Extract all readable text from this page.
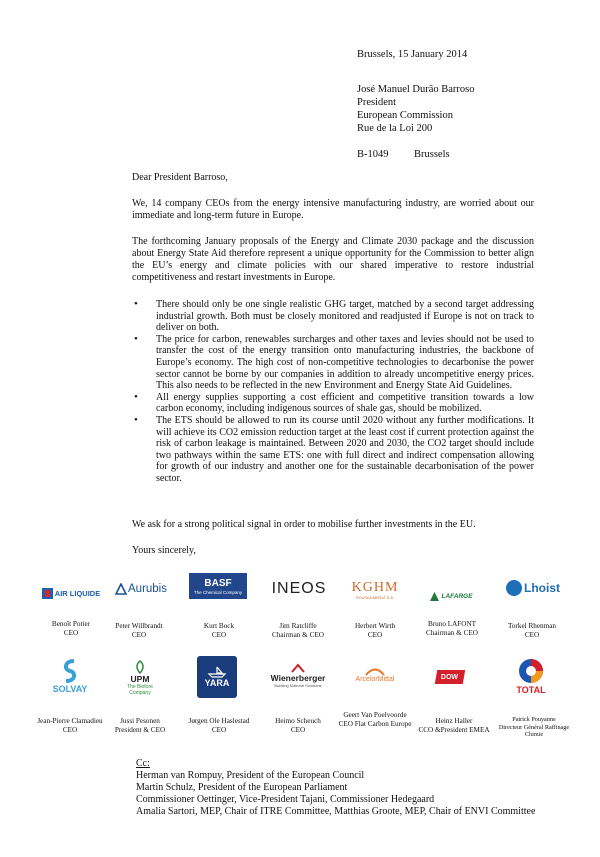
Brussels, 15 January 2014
José Manuel Durão Barroso
President
European Commission
Rue de la Loi 200
B-1049 Brussels
Dear President Barroso,
We, 14 company CEOs from the energy intensive manufacturing industry, are worried about our immediate and long-term future in Europe.
The forthcoming January proposals of the Energy and Climate 2030 package and the discussion about Energy State Aid therefore represent a unique opportunity for the Commission to better align the EU’s energy and climate policies with our shared imperative to restore industrial competitiveness and restart investments in Europe.
• There should only be one single realistic GHG target, matched by a second target addressing industrial growth. Both must be closely monitored and readjusted if Europe is not on track to deliver on both.
• The price for carbon, renewables surcharges and other taxes and levies should not be used to transfer the cost of the energy transition onto manufacturing industries, the backbone of Europe’s economy. The high cost of non-competitive technologies to decarbonise the power sector cannot be borne by our companies in addition to already uncompetitive energy prices. This also needs to be reflected in the new Environment and Energy State Aid Guidelines.
• All energy supplies supporting a cost efficient and competitive transition towards a low carbon economy, including indigenous sources of shale gas, should be mobilized.
• The ETS should be allowed to run its course until 2020 without any further modifications. It will achieve its CO2 emission reduction target at the least cost if current protection against the risk of carbon leakage is maintained. Between 2020 and 2030, the CO2 target should include two pathways within the same ETS: one with full direct and indirect compensation allowing for growth of our industry and another one for the sustainable decarbonisation of the power sector.
We ask for a strong political signal in order to mobilise further investments in the EU.
Yours sincerely,
AIR LIQUIDE Aurubis	BASF
The Chemical Company INEOS KGHM
POLSKA MIEDŹ S.A.	LAFARGE
Lhoist
Benoît Potier
CEO
Peter Willbrandt
CEO
Kurt Bock
CEO
Jim Ratcliffe
Chairman & CEO
Herbert Wirth
CEO
Bruno LAFONT
Chairman & CEO
Torkel Rhenman
CEO
SOLVAY
UPM
The Biofore Company
YARA
Wienerberger
Building Material Solutions
ArcelorMittal	DOW
TOTAL
Jean-Pierre Clamadieu
CEO
Jussi Pesonen
President & CEO
Jørgen Ole Haslestad
CEO
Heimo Scheuch
CEO
Geert Van Poelvoorde
CEO Flat Carbon Europe	Heinz Haller
CCO &President EMEA
Patrick Pouyanne
Directeur Général Raffinage Chimie
Cc:
Herman van Rompuy, President of the European Council
Martin Schulz, President of the European Parliament
Commissioner Oettinger, Vice-President Tajani, Commissioner Hedegaard
Amalia Sartori, MEP, Chair of ITRE Committee, Matthias Groote, MEP, Chair of ENVI Committee
